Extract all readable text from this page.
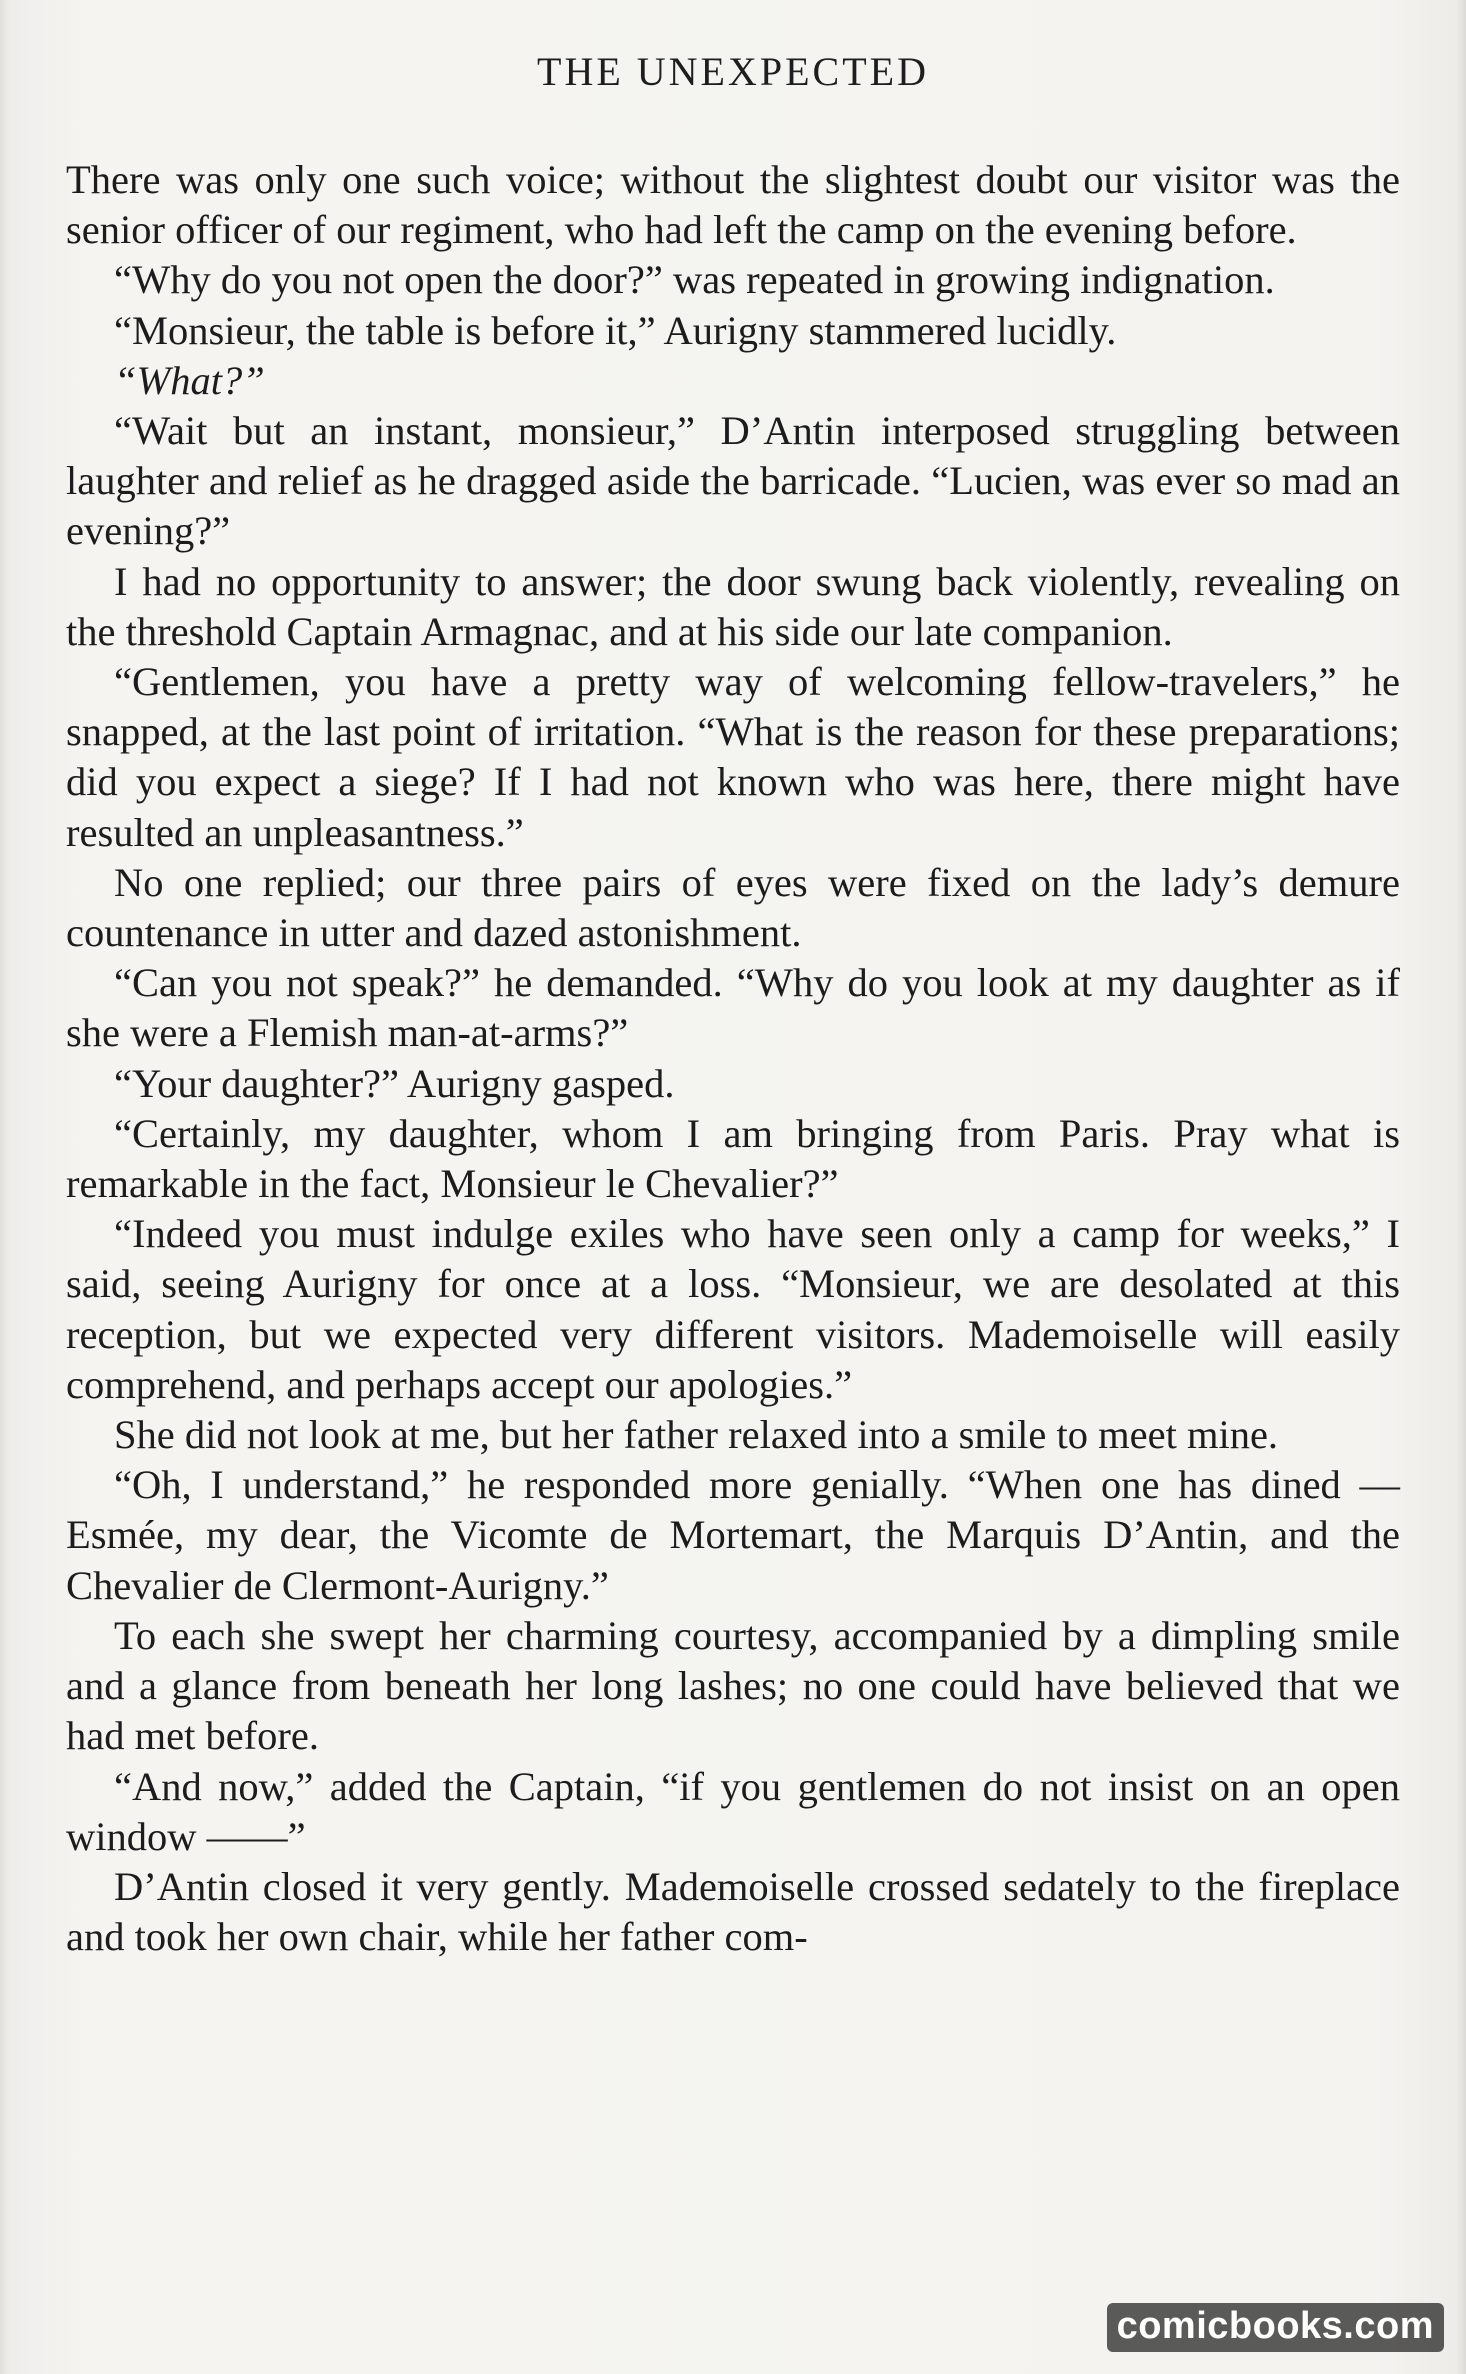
THE UNEXPECTED

There was only one such voice; without the slightest doubt our visitor was the senior officer of our regiment, who had left the camp on the evening before.

“Why do you not open the door?” was repeated in growing indignation.

“Monsieur, the table is before it,” Aurigny stammered lucidly.

“What?”

“Wait but an instant, monsieur,” D’Antin interposed struggling between laughter and relief as he dragged aside the barricade. “Lucien, was ever so mad an evening?”

I had no opportunity to answer; the door swung back violently, revealing on the threshold Captain Armagnac, and at his side our late companion.

“Gentlemen, you have a pretty way of welcoming fellow-travelers,” he snapped, at the last point of irritation. “What is the reason for these preparations; did you expect a siege? If I had not known who was here, there might have resulted an unpleasantness.”

No one replied; our three pairs of eyes were fixed on the lady’s demure countenance in utter and dazed astonishment.

“Can you not speak?” he demanded. “Why do you look at my daughter as if she were a Flemish man-at-arms?”

“Your daughter?” Aurigny gasped.

“Certainly, my daughter, whom I am bringing from Paris. Pray what is remarkable in the fact, Monsieur le Chevalier?”

“Indeed you must indulge exiles who have seen only a camp for weeks,” I said, seeing Aurigny for once at a loss. “Monsieur, we are desolated at this reception, but we expected very different visitors. Mademoiselle will easily comprehend, and perhaps accept our apologies.”

She did not look at me, but her father relaxed into a smile to meet mine.

“Oh, I understand,” he responded more genially. “When one has dined — Esmée, my dear, the Vicomte de Mortemart, the Marquis D’Antin, and the Chevalier de Clermont-Aurigny.”

To each she swept her charming courtesy, accompanied by a dimpling smile and a glance from beneath her long lashes; no one could have believed that we had met before.

“And now,” added the Captain, “if you gentlemen do not insist on an open window ——”

D’Antin closed it very gently. Mademoiselle crossed sedately to the fireplace and took her own chair, while her father com-

comicbooks.com
